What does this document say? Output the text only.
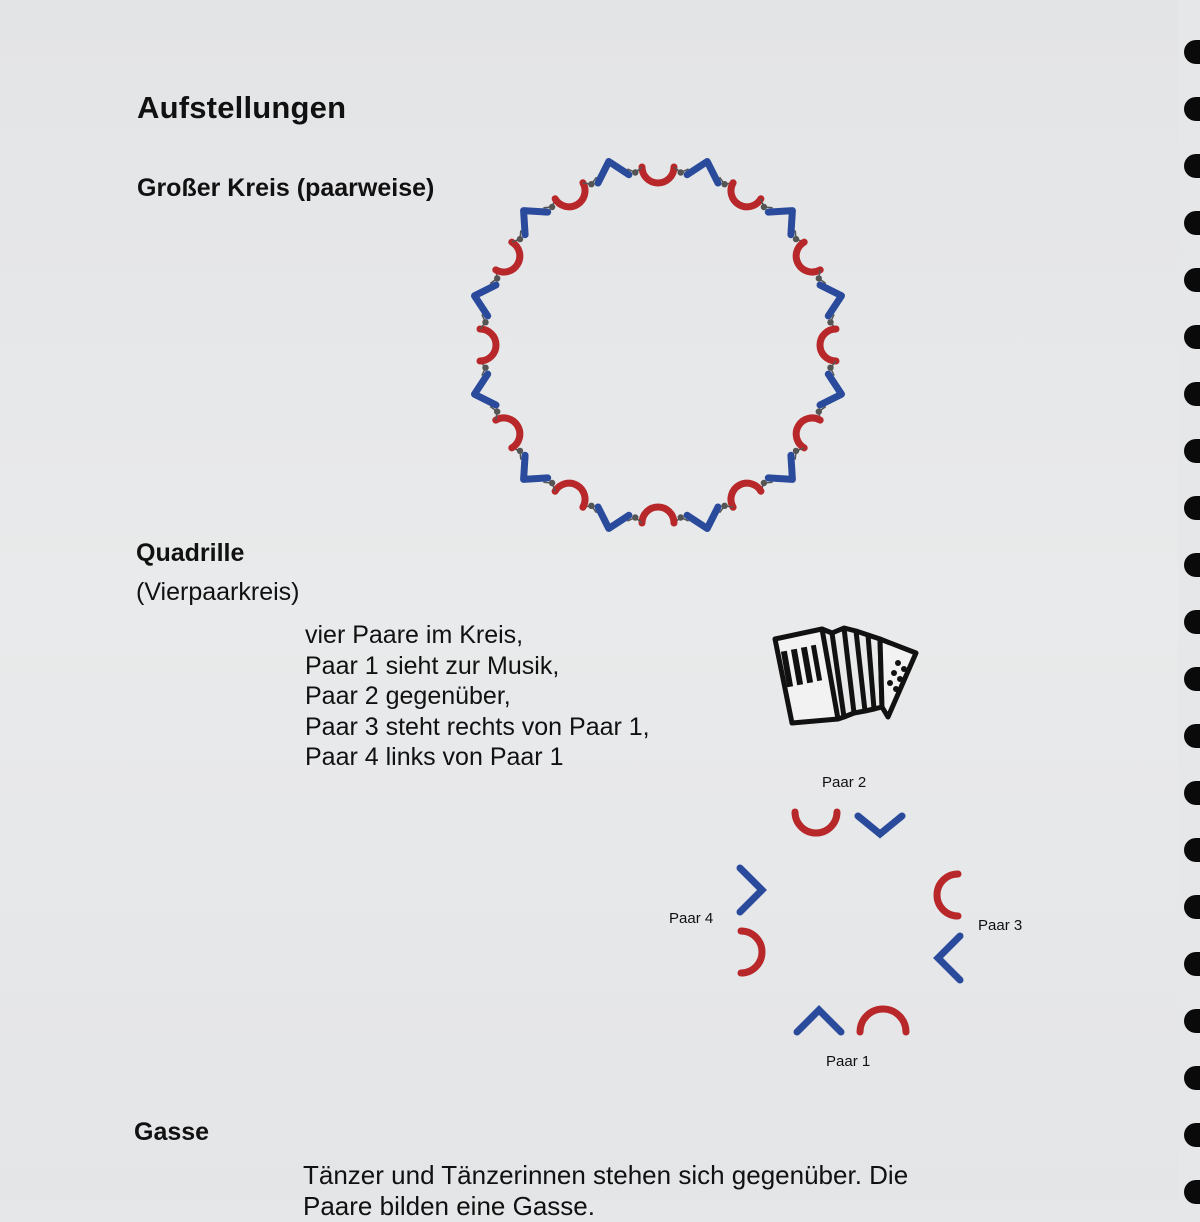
Aufstellungen
Großer Kreis (paarweise)
Quadrille
(Vierpaarkreis)
vier Paare im Kreis,
Paar 1 sieht zur Musik,
Paar 2 gegenüber,
Paar 3 steht rechts von Paar 1,
Paar 4 links von Paar 1
Paar 2
Paar 4	Paar 3
Paar 1
Gasse
Tänzer und Tänzerinnen stehen sich gegenüber. Die
Paare bilden eine Gasse.
